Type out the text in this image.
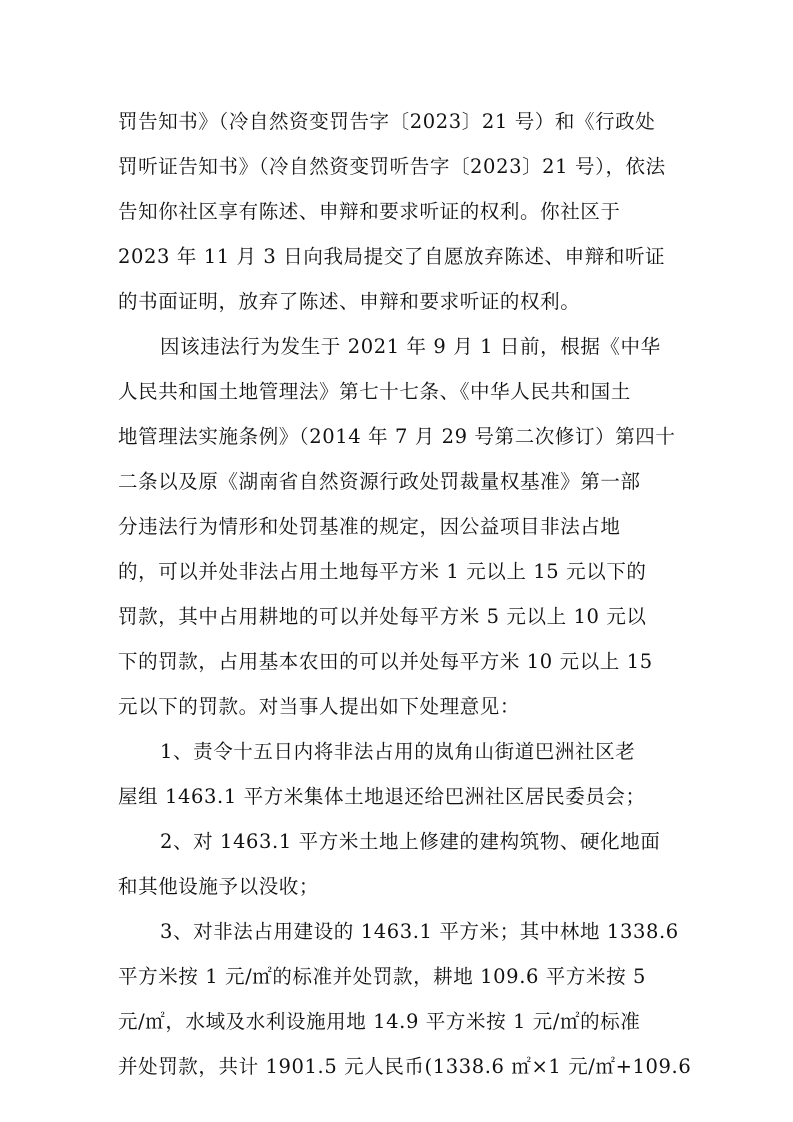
罚告知书》（冷自然资变罚告字〔2023〕21 号）和《行政处
罚听证告知书》（冷自然资变罚听告字〔2023〕21 号），依法
告知你社区享有陈述、申辩和要求听证的权利。你社区于
2023 年 11 月 3 日向我局提交了自愿放弃陈述、申辩和听证
的书面证明，放弃了陈述、申辩和要求听证的权利。
因该违法行为发生于 2021 年 9 月 1 日前，根据《中华
人民共和国土地管理法》第七十七条、《中华人民共和国土
地管理法实施条例》（2014 年 7 月 29 号第二次修订）第四十
二条以及原《湖南省自然资源行政处罚裁量权基准》第一部
分违法行为情形和处罚基准的规定，因公益项目非法占地
的，可以并处非法占用土地每平方米 1 元以上 15 元以下的
罚款，其中占用耕地的可以并处每平方米 5 元以上 10 元以
下的罚款，占用基本农田的可以并处每平方米 10 元以上 15
元以下的罚款。对当事人提出如下处理意见：
1、责令十五日内将非法占用的岚角山街道巴洲社区老
屋组 1463.1 平方米集体土地退还给巴洲社区居民委员会；
2、对 1463.1 平方米土地上修建的建构筑物、硬化地面
和其他设施予以没收；
3、对非法占用建设的 1463.1 平方米；其中林地 1338.6
平方米按 1 元/㎡的标准并处罚款，耕地 109.6 平方米按 5
元/㎡，水域及水利设施用地 14.9 平方米按 1 元/㎡的标准
并处罚款，共计 1901.5 元人民币(1338.6 ㎡×1 元/㎡+109.6
